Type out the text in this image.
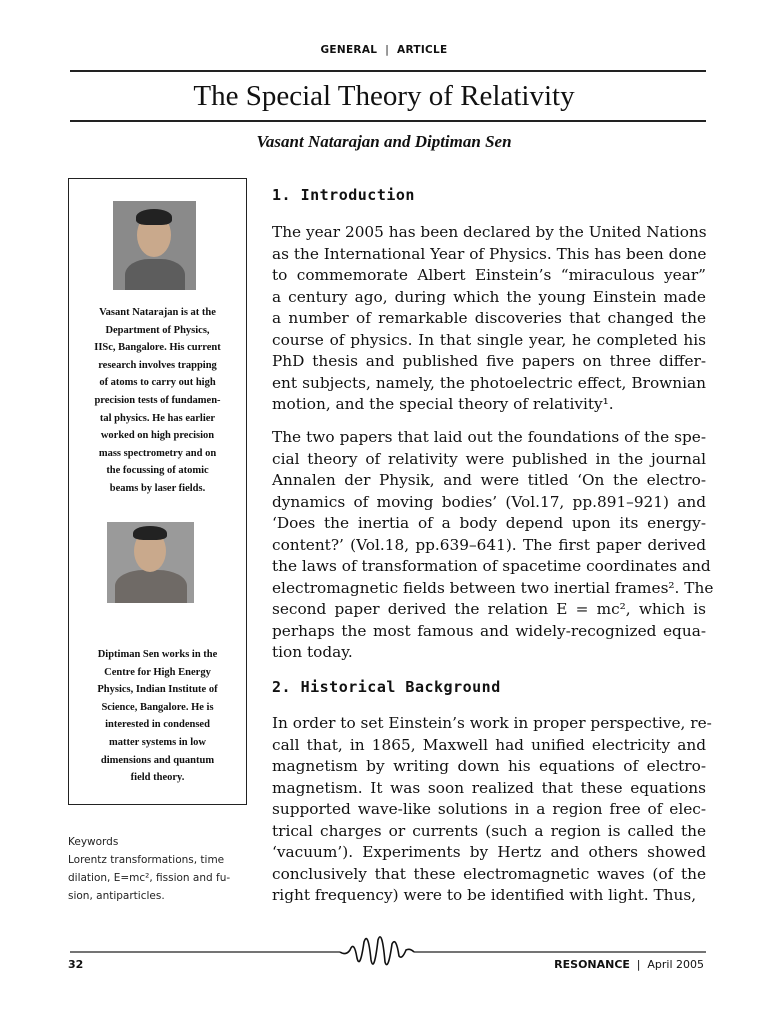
GENERAL | ARTICLE
The Special Theory of Relativity
Vasant Natarajan and Diptiman Sen
Vasant Natarajan is at the
Department of Physics,
IISc, Bangalore. His current
research involves trapping
of atoms to carry out high
precision tests of fundamen-
tal physics. He has earlier
worked on high precision
mass spectrometry and on
the focussing of atomic
beams by laser fields.
Diptiman Sen works in the
Centre for High Energy
Physics, Indian Institute of
Science, Bangalore. He is
interested in condensed
matter systems in low
dimensions and quantum
field theory.
Keywords
Lorentz transformations, time
dilation, E=mc², fission and fu-
sion, antiparticles.
1. Introduction
The year 2005 has been declared by the United Nations
as the International Year of Physics. This has been done
to commemorate Albert Einstein’s “miraculous year”
a century ago, during which the young Einstein made
a number of remarkable discoveries that changed the
course of physics. In that single year, he completed his
PhD thesis and published five papers on three differ-
ent subjects, namely, the photoelectric effect, Brownian
motion, and the special theory of relativity¹.
The two papers that laid out the foundations of the spe-
cial theory of relativity were published in the journal
Annalen der Physik, and were titled ‘On the electro-
dynamics of moving bodies’ (Vol.17, pp.891–921) and
‘Does the inertia of a body depend upon its energy-
content?’ (Vol.18, pp.639–641). The first paper derived
the laws of transformation of spacetime coordinates and
electromagnetic fields between two inertial frames². The
second paper derived the relation E = mc², which is
perhaps the most famous and widely-recognized equa-
tion today.
2. Historical Background
In order to set Einstein’s work in proper perspective, re-
call that, in 1865, Maxwell had unified electricity and
magnetism by writing down his equations of electro-
magnetism. It was soon realized that these equations
supported wave-like solutions in a region free of elec-
trical charges or currents (such a region is called the
‘vacuum’). Experiments by Hertz and others showed
conclusively that these electromagnetic waves (of the
right frequency) were to be identified with light. Thus,
32	RESONANCE | April 2005
